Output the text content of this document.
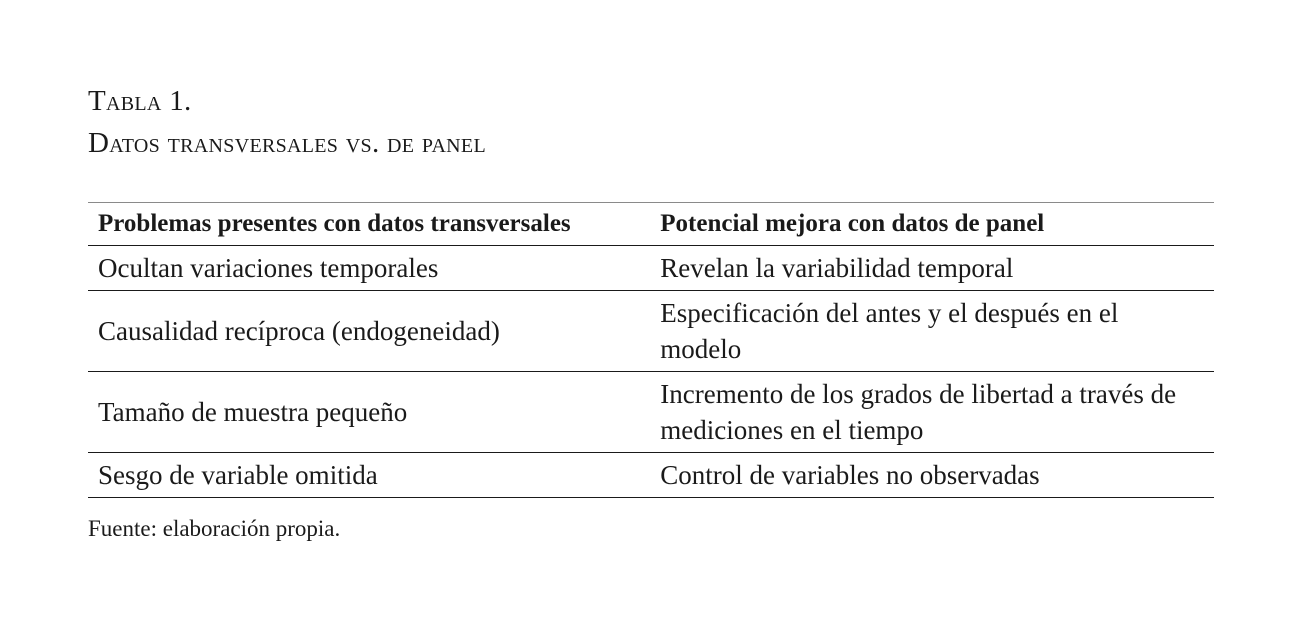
Tabla 1.

Datos transversales vs. de panel

Problemas presentes con datos transversales	Potencial mejora con datos de panel
Ocultan variaciones temporales	Revelan la variabilidad temporal
Causalidad recíproca (endogeneidad)	Especificación del antes y el después en el modelo
Tamaño de muestra pequeño	Incremento de los grados de libertad a través de mediciones en el tiempo
Sesgo de variable omitida	Control de variables no observadas
Fuente: elaboración propia.
